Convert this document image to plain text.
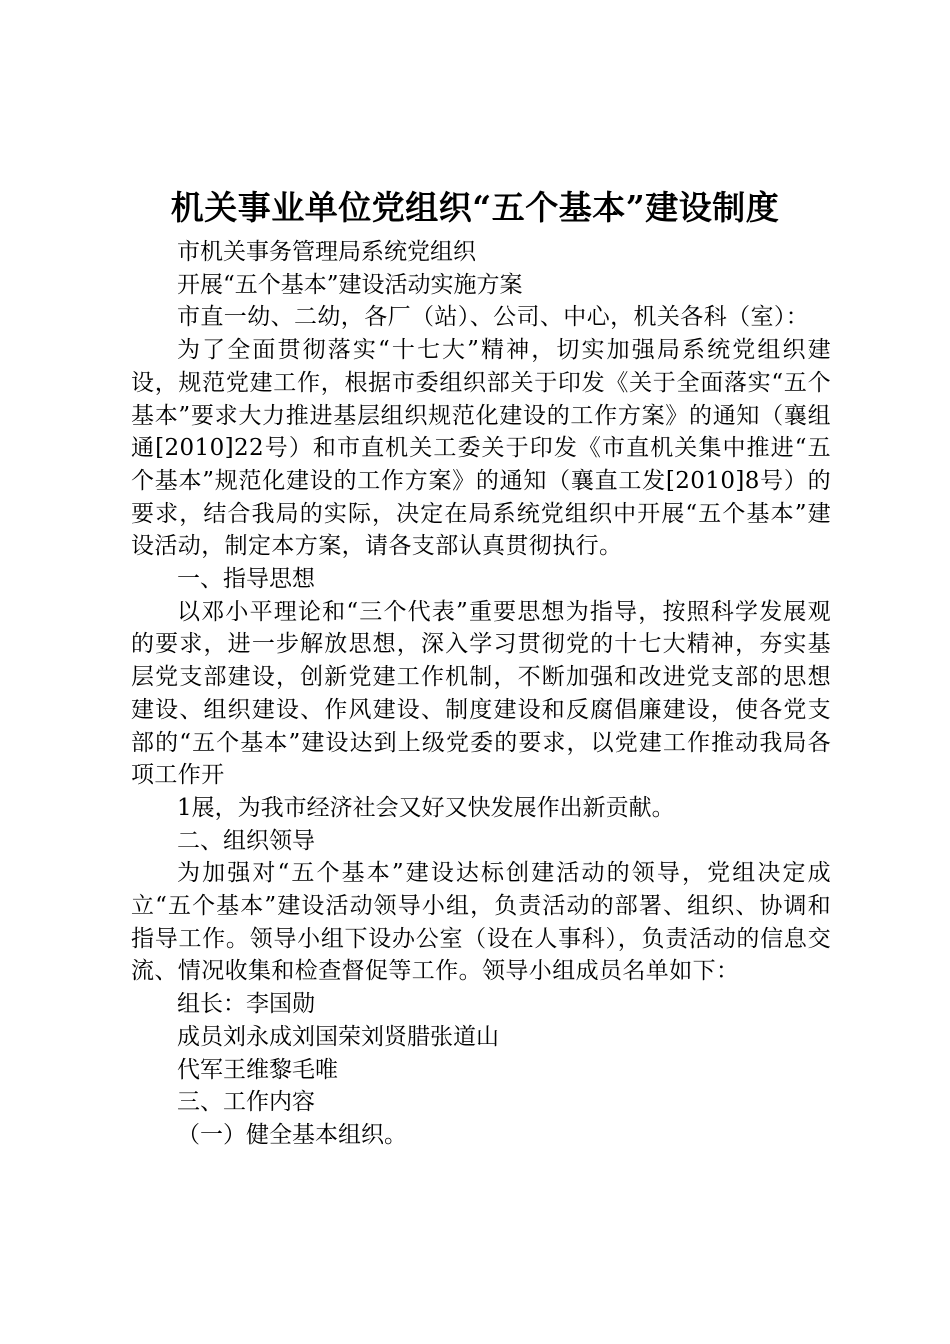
机关事业单位党组织“五个基本”建设制度

市机关事务管理局系统党组织

开展“五个基本”建设活动实施方案

市直一幼、二幼，各厂（站）、公司、中心，机关各科（室）：

为了全面贯彻落实“十七大”精神，切实加强局系统党组织建设，规范党建工作，根据市委组织部关于印发《关于全面落实“五个基本”要求大力推进基层组织规范化建设的工作方案》的通知（襄组通[2010]22号）和市直机关工委关于印发《市直机关集中推进“五个基本”规范化建设的工作方案》的通知（襄直工发[2010]8号）的要求，结合我局的实际，决定在局系统党组织中开展“五个基本”建设活动，制定本方案，请各支部认真贯彻执行。

一、指导思想

以邓小平理论和“三个代表”重要思想为指导，按照科学发展观的要求，进一步解放思想，深入学习贯彻党的十七大精神，夯实基层党支部建设，创新党建工作机制，不断加强和改进党支部的思想建设、组织建设、作风建设、制度建设和反腐倡廉建设，使各党支部的“五个基本”建设达到上级党委的要求，以党建工作推动我局各项工作开

1展，为我市经济社会又好又快发展作出新贡献。

二、组织领导

为加强对“五个基本”建设达标创建活动的领导，党组决定成立“五个基本”建设活动领导小组，负责活动的部署、组织、协调和指导工作。领导小组下设办公室（设在人事科），负责活动的信息交流、情况收集和检查督促等工作。领导小组成员名单如下：

组长：李国勋

成员刘永成刘国荣刘贤腊张道山

代军王维黎毛唯

三、工作内容

（一）健全基本组织。
